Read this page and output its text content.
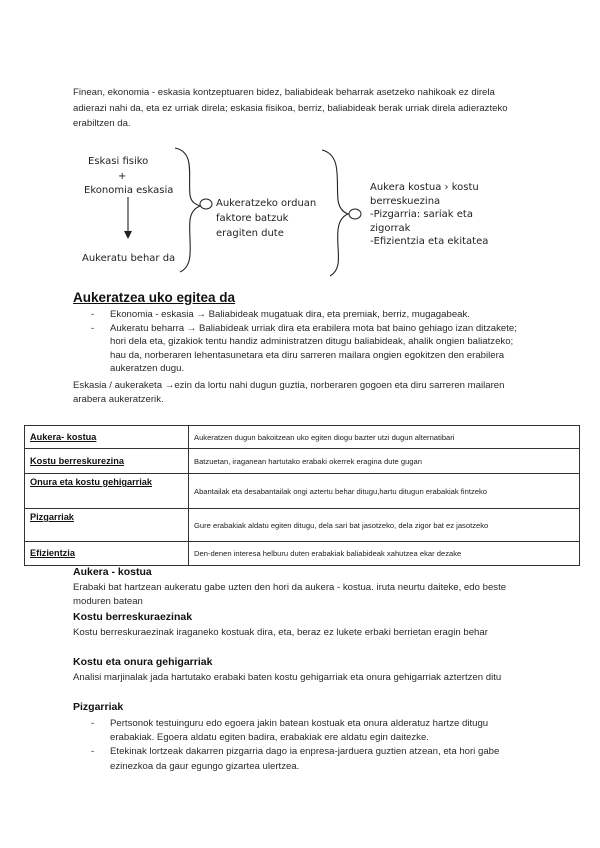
Finean, ekonomia - eskasia kontzeptuaren bidez, baliabideak beharrak asetzeko nahikoak ez direla adierazi nahi da, eta ez urriak direla; eskasia fisikoa, berriz, baliabideak berak urriak direla adierazteko erabiltzen da.
Eskasi fisiko
+
Ekonomia eskasia
Aukeratu behar da
Aukeratzeko orduan
faktore batzuk
eragiten dute
Aukera kostua › kostu
berreskuezina
-Pizgarria: sariak eta
zigorrak
-Efizientzia eta ekitatea
Aukeratzea uko egitea da
- Ekonomia - eskasia → Baliabideak mugatuak dira, eta premiak, berriz, mugagabeak.
- Aukeratu beharra → Baliabideak urriak dira eta erabilera mota bat baino gehiago izan ditzakete; hori dela eta, gizakiok tentu handiz administratzen ditugu baliabideak, ahalik ongien baliatzeko; hau da, norberaren lehentasunetara eta diru sarreren mailara ongien egokitzen den erabilera aukeratzen dugu.
Eskasia / aukeraketa →ezin da lortu nahi dugun guztia, norberaren gogoen eta diru sarreren mailaren arabera aukeratzerik.
Aukera- kostua	Aukeratzen dugun bakoitzean uko egiten diogu bazter utzi dugun alternatibari
Kostu berreskurezina	Batzuetan, iraganean hartutako erabaki okerrek eragina dute gugan
Onura eta kostu gehigarriak	Abantailak eta desabantailak ongi aztertu behar ditugu,hartu ditugun erabakiak fintzeko
Pizgarriak	Gure erabakiak aldatu egiten ditugu, dela sari bat jasotzeko, dela zigor bat ez jasotzeko
Efizientzia	Den-denen interesa helburu duten erabakiak baliabideak xahutzea ekar dezake
Aukera - kostua
Erabaki bat hartzean aukeratu gabe uzten den hori da aukera - kostua. iruta neurtu daiteke, edo beste moduren batean
Kostu berreskuraezinak
Kostu berreskuraezinak iraganeko kostuak dira, eta, beraz ez lukete erbaki berrietan eragin behar
Kostu eta onura gehigarriak
Analisi marjinalak jada hartutako erabaki baten kostu gehigarriak eta onura gehigarriak aztertzen ditu
Pizgarriak
- Pertsonok testuinguru edo egoera jakin batean kostuak eta onura alderatuz hartze ditugu erabakiak. Egoera aldatu egiten badira, erabakiak ere aldatu egin daitezke.
- Etekinak lortzeak dakarren pizgarria dago ia enpresa-jarduera guztien atzean, eta hori gabe ezinezkoa da gaur egungo gizartea ulertzea.
